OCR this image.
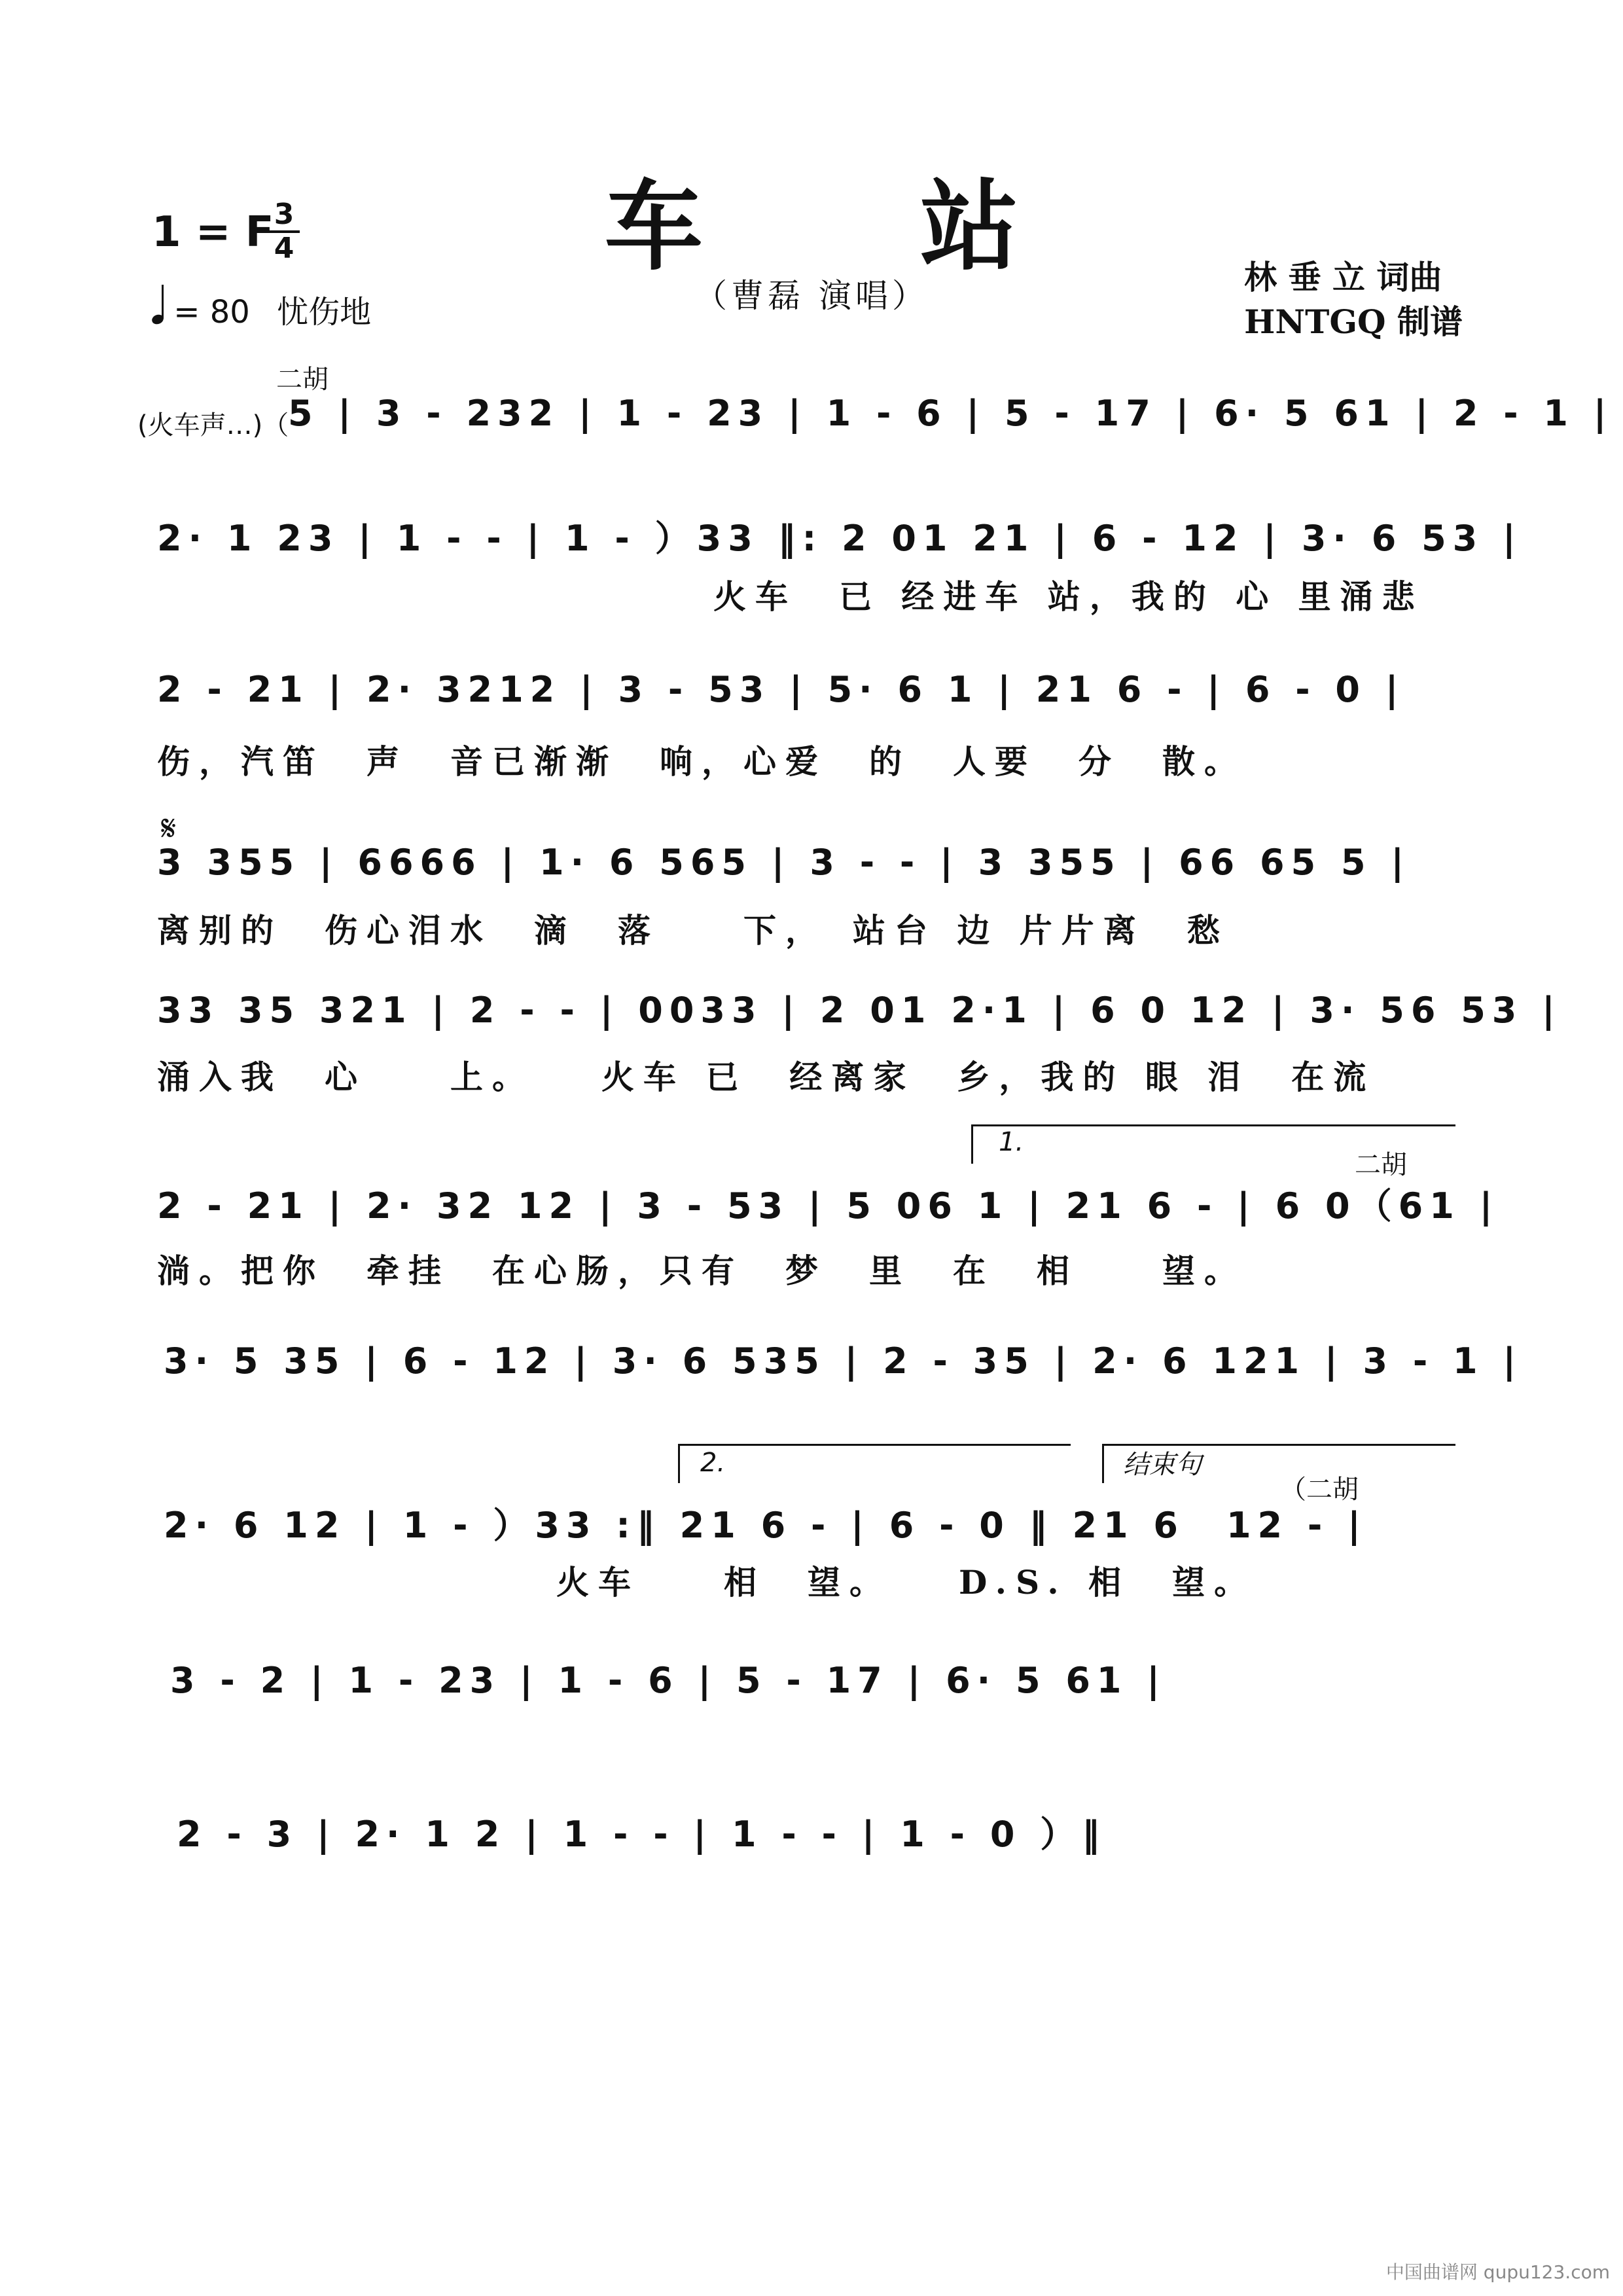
车 站
（曹磊 演唱）
1 = F 3
4
= 80 忧伤地
林 垂 立 词曲
HNTGQ 制谱
二胡
(火车声…)（
𝄋
二胡
1.
2.	结束句
（二胡
5 | 3 - 232 | 1 - 23 | 1 - 6 | 5 - 17 | 6· 5 61 | 2 - 1 |
2· 1 23 | 1 - - | 1 - ）33 ‖: 2 01 21 | 6 - 12 | 3· 6 53 |
火车　已 经进车 站，我的 心 里涌悲
2 - 21 | 2· 3212 | 3 - 53 | 5· 6 1 | 21 6 - | 6 - 0 |
伤，汽笛　声　音已渐渐　响，心爱　的　人要　分　散。
3 355 | 6666 | 1· 6 565 | 3 - - | 3 355 | 66 65 5 |
离别的　伤心泪水　滴　落　　下，　站台 边 片片离　愁
33 35 321 | 2 - - | 0033 | 2 01 2·1 | 6 0 12 | 3· 56 53 |
涌入我　心　　上。　　火车 已　经离家　乡，我的 眼 泪　在流
2 - 21 | 2· 32 12 | 3 - 53 | 5 06 1 | 21 6 - | 6 0（61 |
淌。把你　牵挂　在心肠，只有　梦　里　在　相　　望。
3· 5 35 | 6 - 12 | 3· 6 535 | 2 - 35 | 2· 6 121 | 3 - 1 |
2· 6 12 | 1 - ）33 :‖ 21 6 - | 6 - 0 ‖ 21 6　12 - |
火车　　相　望。　　D.S. 相　望。
3 - 2 | 1 - 23 | 1 - 6 | 5 - 17 | 6· 5 61 |
2 - 3 | 2· 1 2 | 1 - - | 1 - - | 1 - 0 ）‖
中国曲谱网 qupu123.com
